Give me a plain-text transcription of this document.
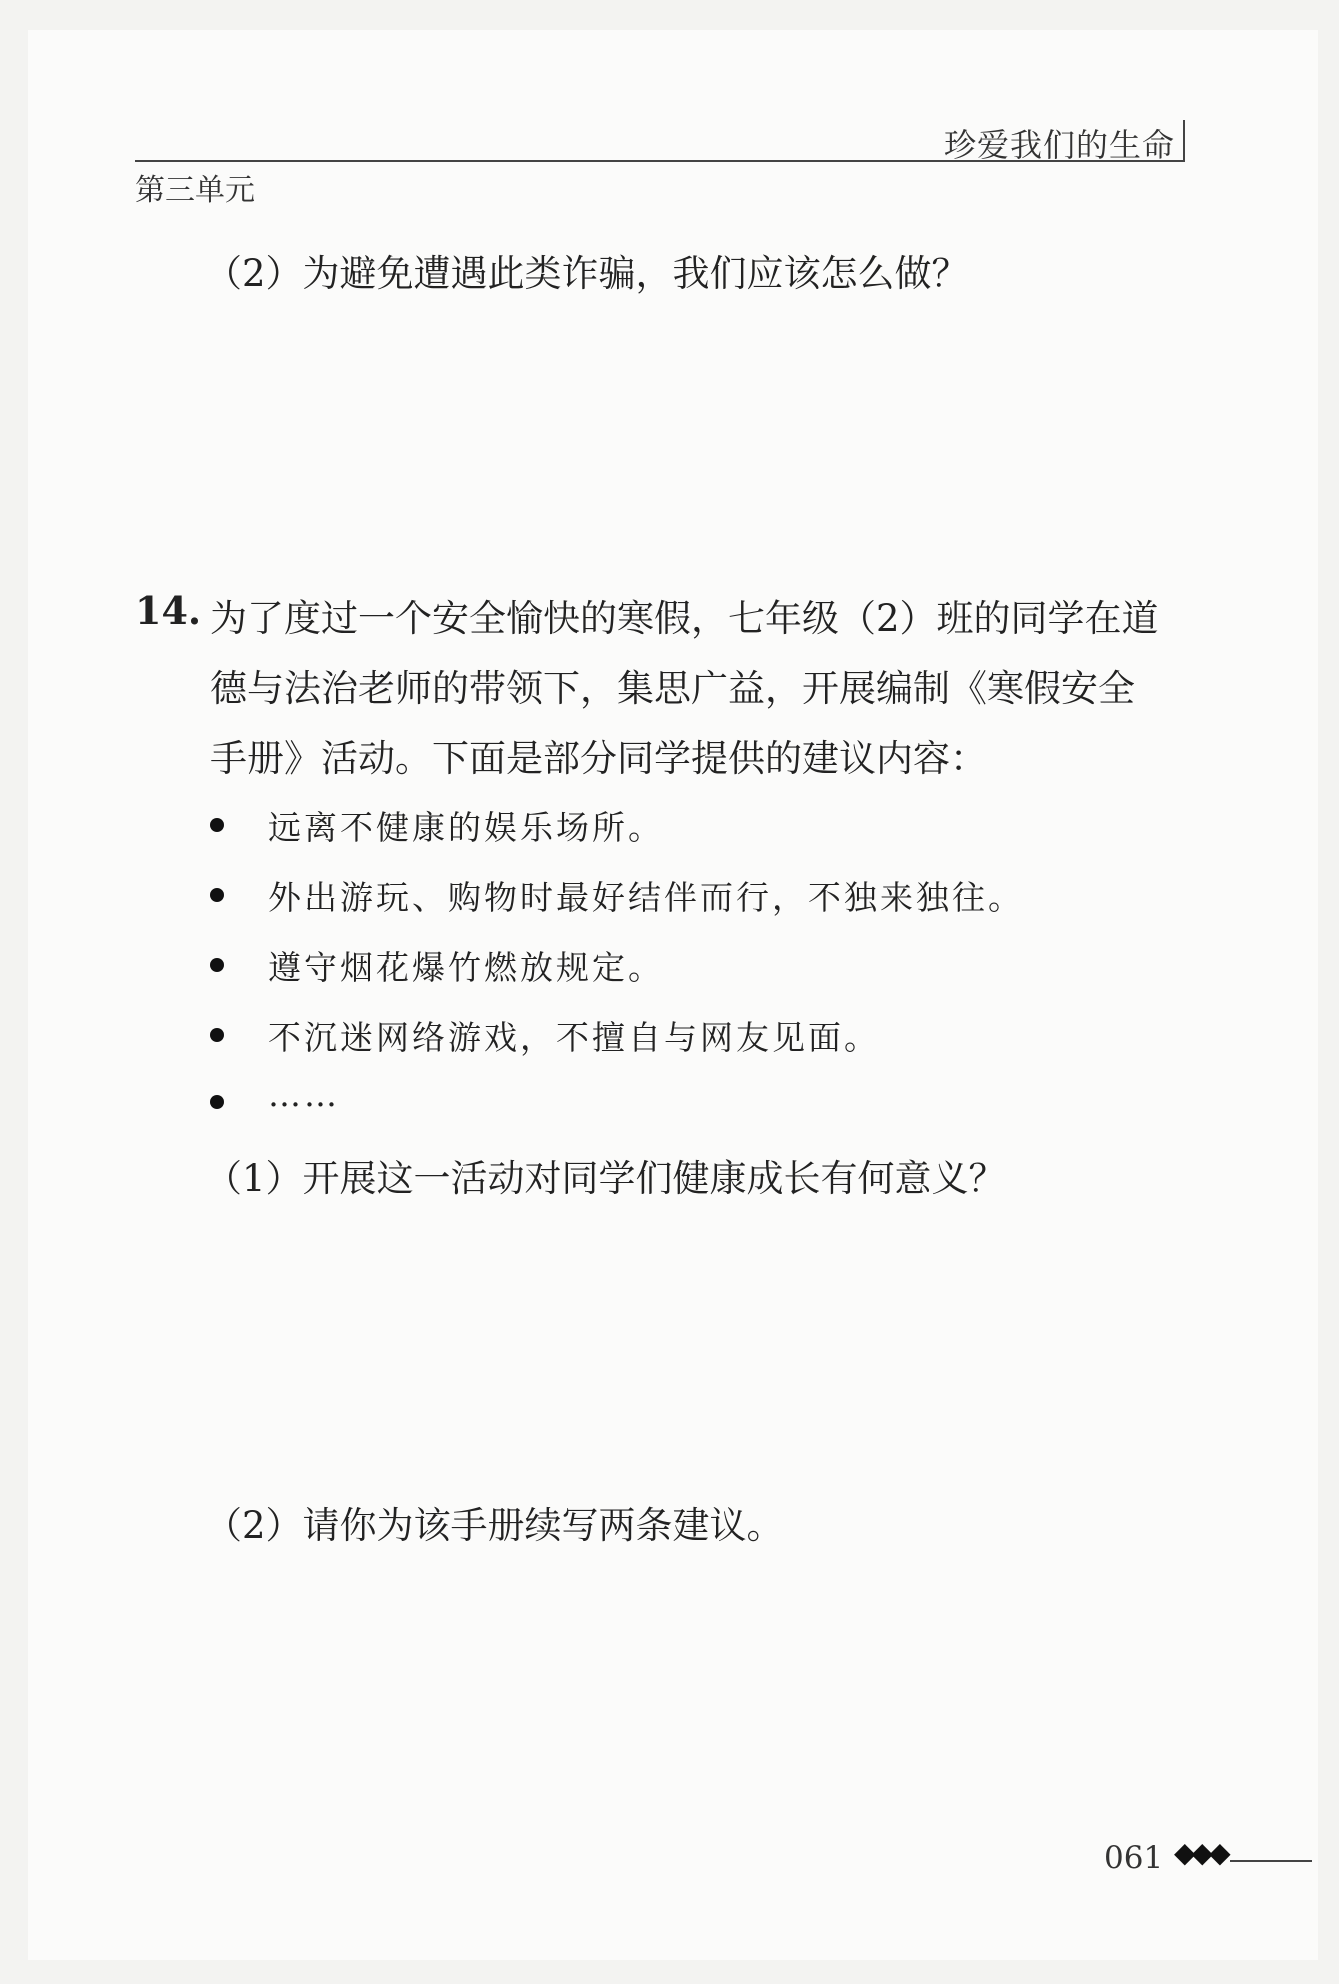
珍爱我们的生命
第三单元
（2）为避免遭遇此类诈骗，我们应该怎么做？
14. 为了度过一个安全愉快的寒假，七年级（2）班的同学在道
德与法治老师的带领下，集思广益，开展编制《寒假安全
手册》活动。下面是部分同学提供的建议内容：
远离不健康的娱乐场所。
外出游玩、购物时最好结伴而行，不独来独往。
遵守烟花爆竹燃放规定。
不沉迷网络游戏，不擅自与网友见面。
……
（1）开展这一活动对同学们健康成长有何意义？
（2）请你为该手册续写两条建议。
061 ◆◆◆
